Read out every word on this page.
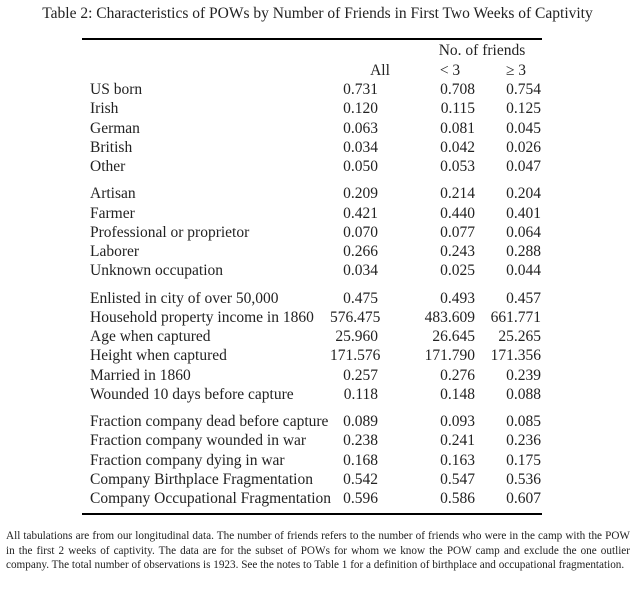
Table 2: Characteristics of POWs by Number of Friends in First Two Weeks of Captivity
No. of friends
All	< 3	≥ 3
US born	0.731	0.708	0.754
Irish	0.120	0.115	0.125
German	0.063	0.081	0.045
British	0.034	0.042	0.026
Other	0.050	0.053	0.047
Artisan	0.209	0.214	0.204
Farmer	0.421	0.440	0.401
Professional or proprietor	0.070	0.077	0.064
Laborer	0.266	0.243	0.288
Unknown occupation	0.034	0.025	0.044
Enlisted in city of over 50,000	0.475	0.493	0.457
Household property income in 1860 576.475	483.609 661.771
Age when captured	25.960	26.645	25.265
Height when captured	171.576	171.790 171.356
Married in 1860	0.257	0.276	0.239
Wounded 10 days before capture	0.118	0.148	0.088
Fraction company dead before capture 0.089	0.093	0.085
Fraction company wounded in war	0.238	0.241	0.236
Fraction company dying in war	0.168	0.163	0.175
Company Birthplace Fragmentation	0.542	0.547	0.536
Company Occupational Fragmentation 0.596	0.586	0.607
All tabulations are from our longitudinal data. The number of friends refers to the number of friends who were in the camp with the POW in the first 2 weeks of captivity. The data are for the subset of POWs for whom we know the POW camp and exclude the one outlier company. The total number of observations is 1923. See the notes to Table 1 for a definition of birthplace and occupational fragmentation.
